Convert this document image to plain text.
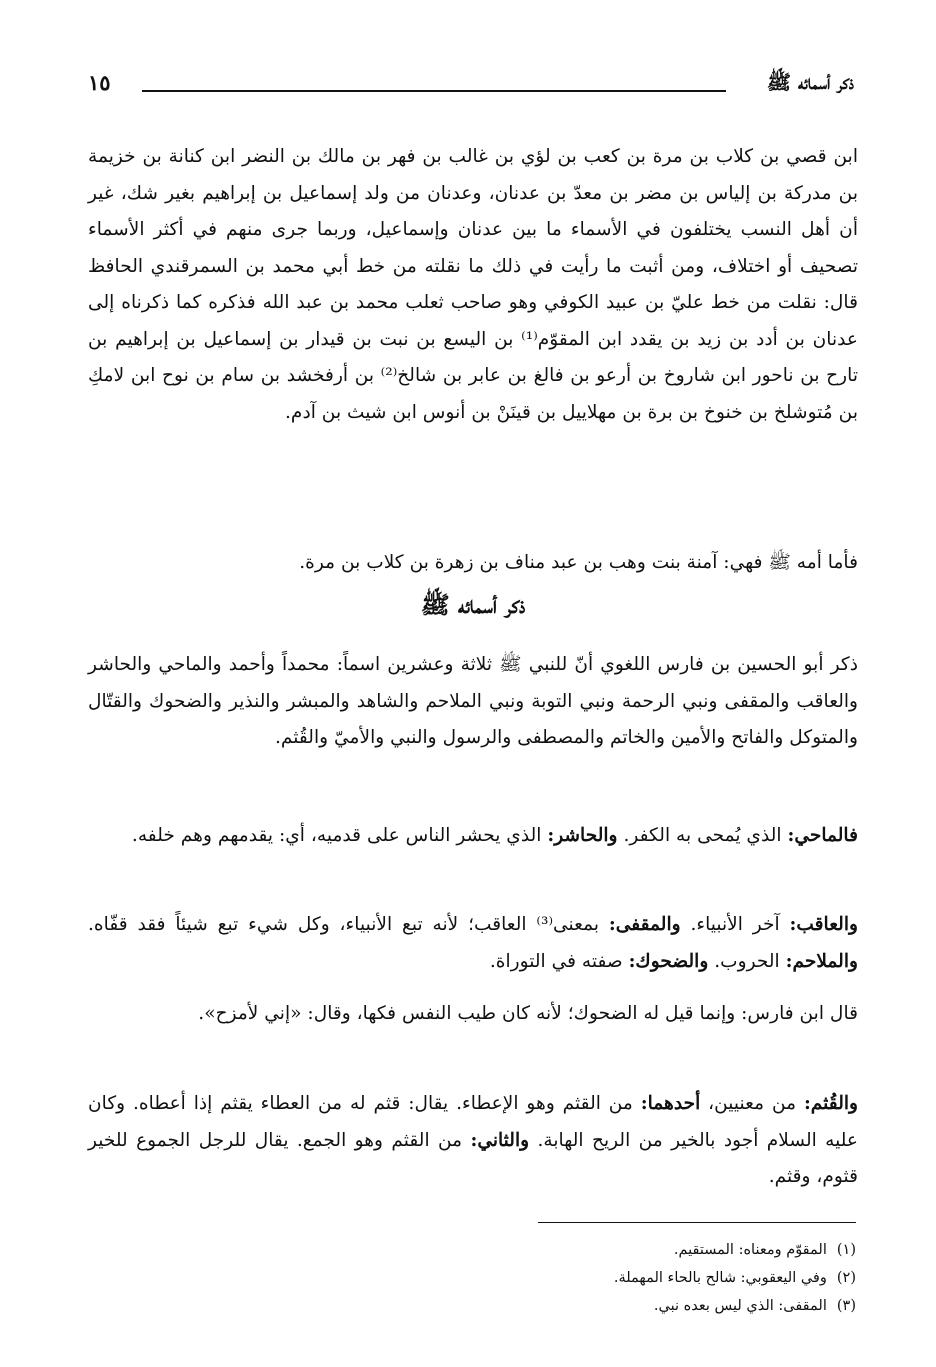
ذكر أسمائه ﷺ
١٥

ابن قصي بن كلاب بن مرة بن كعب بن لؤي بن غالب بن فهر بن مالك بن النضر ابن كنانة بن خزيمة بن مدركة بن إلياس بن مضر بن معدّ بن عدنان، وعدنان من ولد إسماعيل بن إبراهيم بغير شك، غير أن أهل النسب يختلفون في الأسماء ما بين عدنان وإسماعيل، وربما جرى منهم في أكثر الأسماء تصحيف أو اختلاف، ومن أثبت ما رأيت في ذلك ما نقلته من خط أبي محمد بن السمرقندي الحافظ قال: نقلت من خط عليّ بن عبيد الكوفي وهو صاحب ثعلب محمد بن عبد الله فذكره كما ذكرناه إلى عدنان بن أدد بن زيد بن يقدد ابن المقوّم⁽¹⁾ بن اليسع بن نبت بن قيدار بن إسماعيل بن إبراهيم بن تارح بن ناحور ابن شاروخ بن أرعو بن فالغ بن عابر بن شالخ⁽²⁾ بن أرفخشد بن سام بن نوح ابن لامكِ بن مُتوشلخ بن خنوخ بن برة بن مهلاييل بن قينَنْ بن أنوس ابن شيث بن آدم.

فأما أمه ﷺ فهي: آمنة بنت وهب بن عبد مناف بن زهرة بن كلاب بن مرة.

ذكر أسمائه ﷺ

ذكر أبو الحسين بن فارس اللغوي أنّ للنبي ﷺ ثلاثة وعشرين اسماً: محمداً وأحمد والماحي والحاشر والعاقب والمقفى ونبي الرحمة ونبي التوبة ونبي الملاحم والشاهد والمبشر والنذير والضحوك والقتّال والمتوكل والفاتح والأمين والخاتم والمصطفى والرسول والنبي والأميّ والقُثم.

فالماحي: الذي يُمحى به الكفر. والحاشر: الذي يحشر الناس على قدميه، أي: يقدمهم وهم خلفه.

والعاقب: آخر الأنبياء. والمقفى: بمعنى⁽³⁾ العاقب؛ لأنه تبع الأنبياء، وكل شيء تبع شيئاً فقد قفّاه. والملاحم: الحروب. والضحوك: صفته في التوراة.

قال ابن فارس: وإنما قيل له الضحوك؛ لأنه كان طيب النفس فكها، وقال: «إني لأمزح».

والقُثم: من معنيين، أحدهما: من القثم وهو الإعطاء. يقال: قثم له من العطاء يقثم إذا أعطاه. وكان عليه السلام أجود بالخير من الريح الهابة. والثاني: من القثم وهو الجمع. يقال للرجل الجموع للخير قثوم، وقثم.

(١)المقوّم ومعناه: المستقيم.
(٢)وفي اليعقوبي: شالح بالحاء المهملة.
(٣)المقفى: الذي ليس بعده نبي.
